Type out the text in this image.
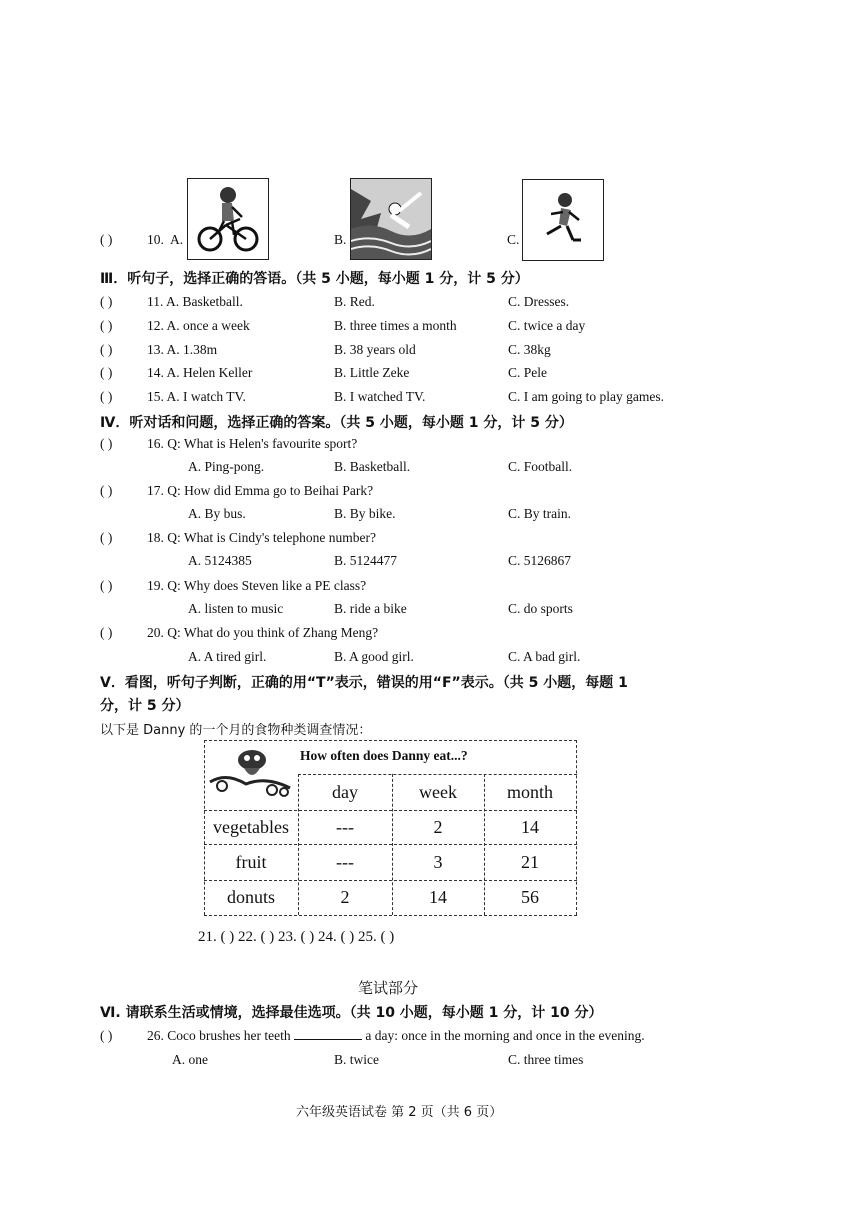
( )	10. A.	B.	C.
Ⅲ．听句子，选择正确的答语。（共 5 小题，每小题 1 分，计 5 分）
( )	11. A. Basketball.	B. Red.	C. Dresses.
( )	12. A. once a week	B. three times a month	C. twice a day
( )	13. A. 1.38m	B. 38 years old	C. 38kg
( )	14. A. Helen Keller	B. Little Zeke	C. Pele
( )	15. A. I watch TV.	B. I watched TV.	C. I am going to play games.
Ⅳ．听对话和问题，选择正确的答案。（共 5 小题，每小题 1 分，计 5 分）
( )	16. Q: What is Helen's favourite sport?
A. Ping-pong.	B. Basketball.	C. Football.
( )	17. Q: How did Emma go to Beihai Park?
A. By bus.	B. By bike.	C. By train.
( )	18. Q: What is Cindy's telephone number?
A. 5124385	B. 5124477	C. 5126867
( )	19. Q: Why does Steven like a PE class?
A. listen to music	B. ride a bike	C. do sports
( )	20. Q: What do you think of Zhang Meng?
A. A tired girl.	B. A good girl.	C. A bad girl.
Ⅴ．看图，听句子判断，正确的用“T”表示，错误的用“F”表示。（共 5 小题，每题 1
分，计 5 分）
以下是 Danny 的一个月的食物种类调查情况：
How often does Danny eat...?
day	week	month
vegetables	---	2	14
fruit	---	3	21
donuts	2	14	56
21. ( ) 22. ( ) 23. ( ) 24. ( ) 25. ( )
笔试部分
Ⅵ. 请联系生活或情境，选择最佳选项。（共 10 小题，每小题 1 分，计 10 分）
( )	26. Coco brushes her teeth	a day: once in the morning and once in the evening.
A. one	B. twice	C. three times
六年级英语试卷 第 2 页（共 6 页）
